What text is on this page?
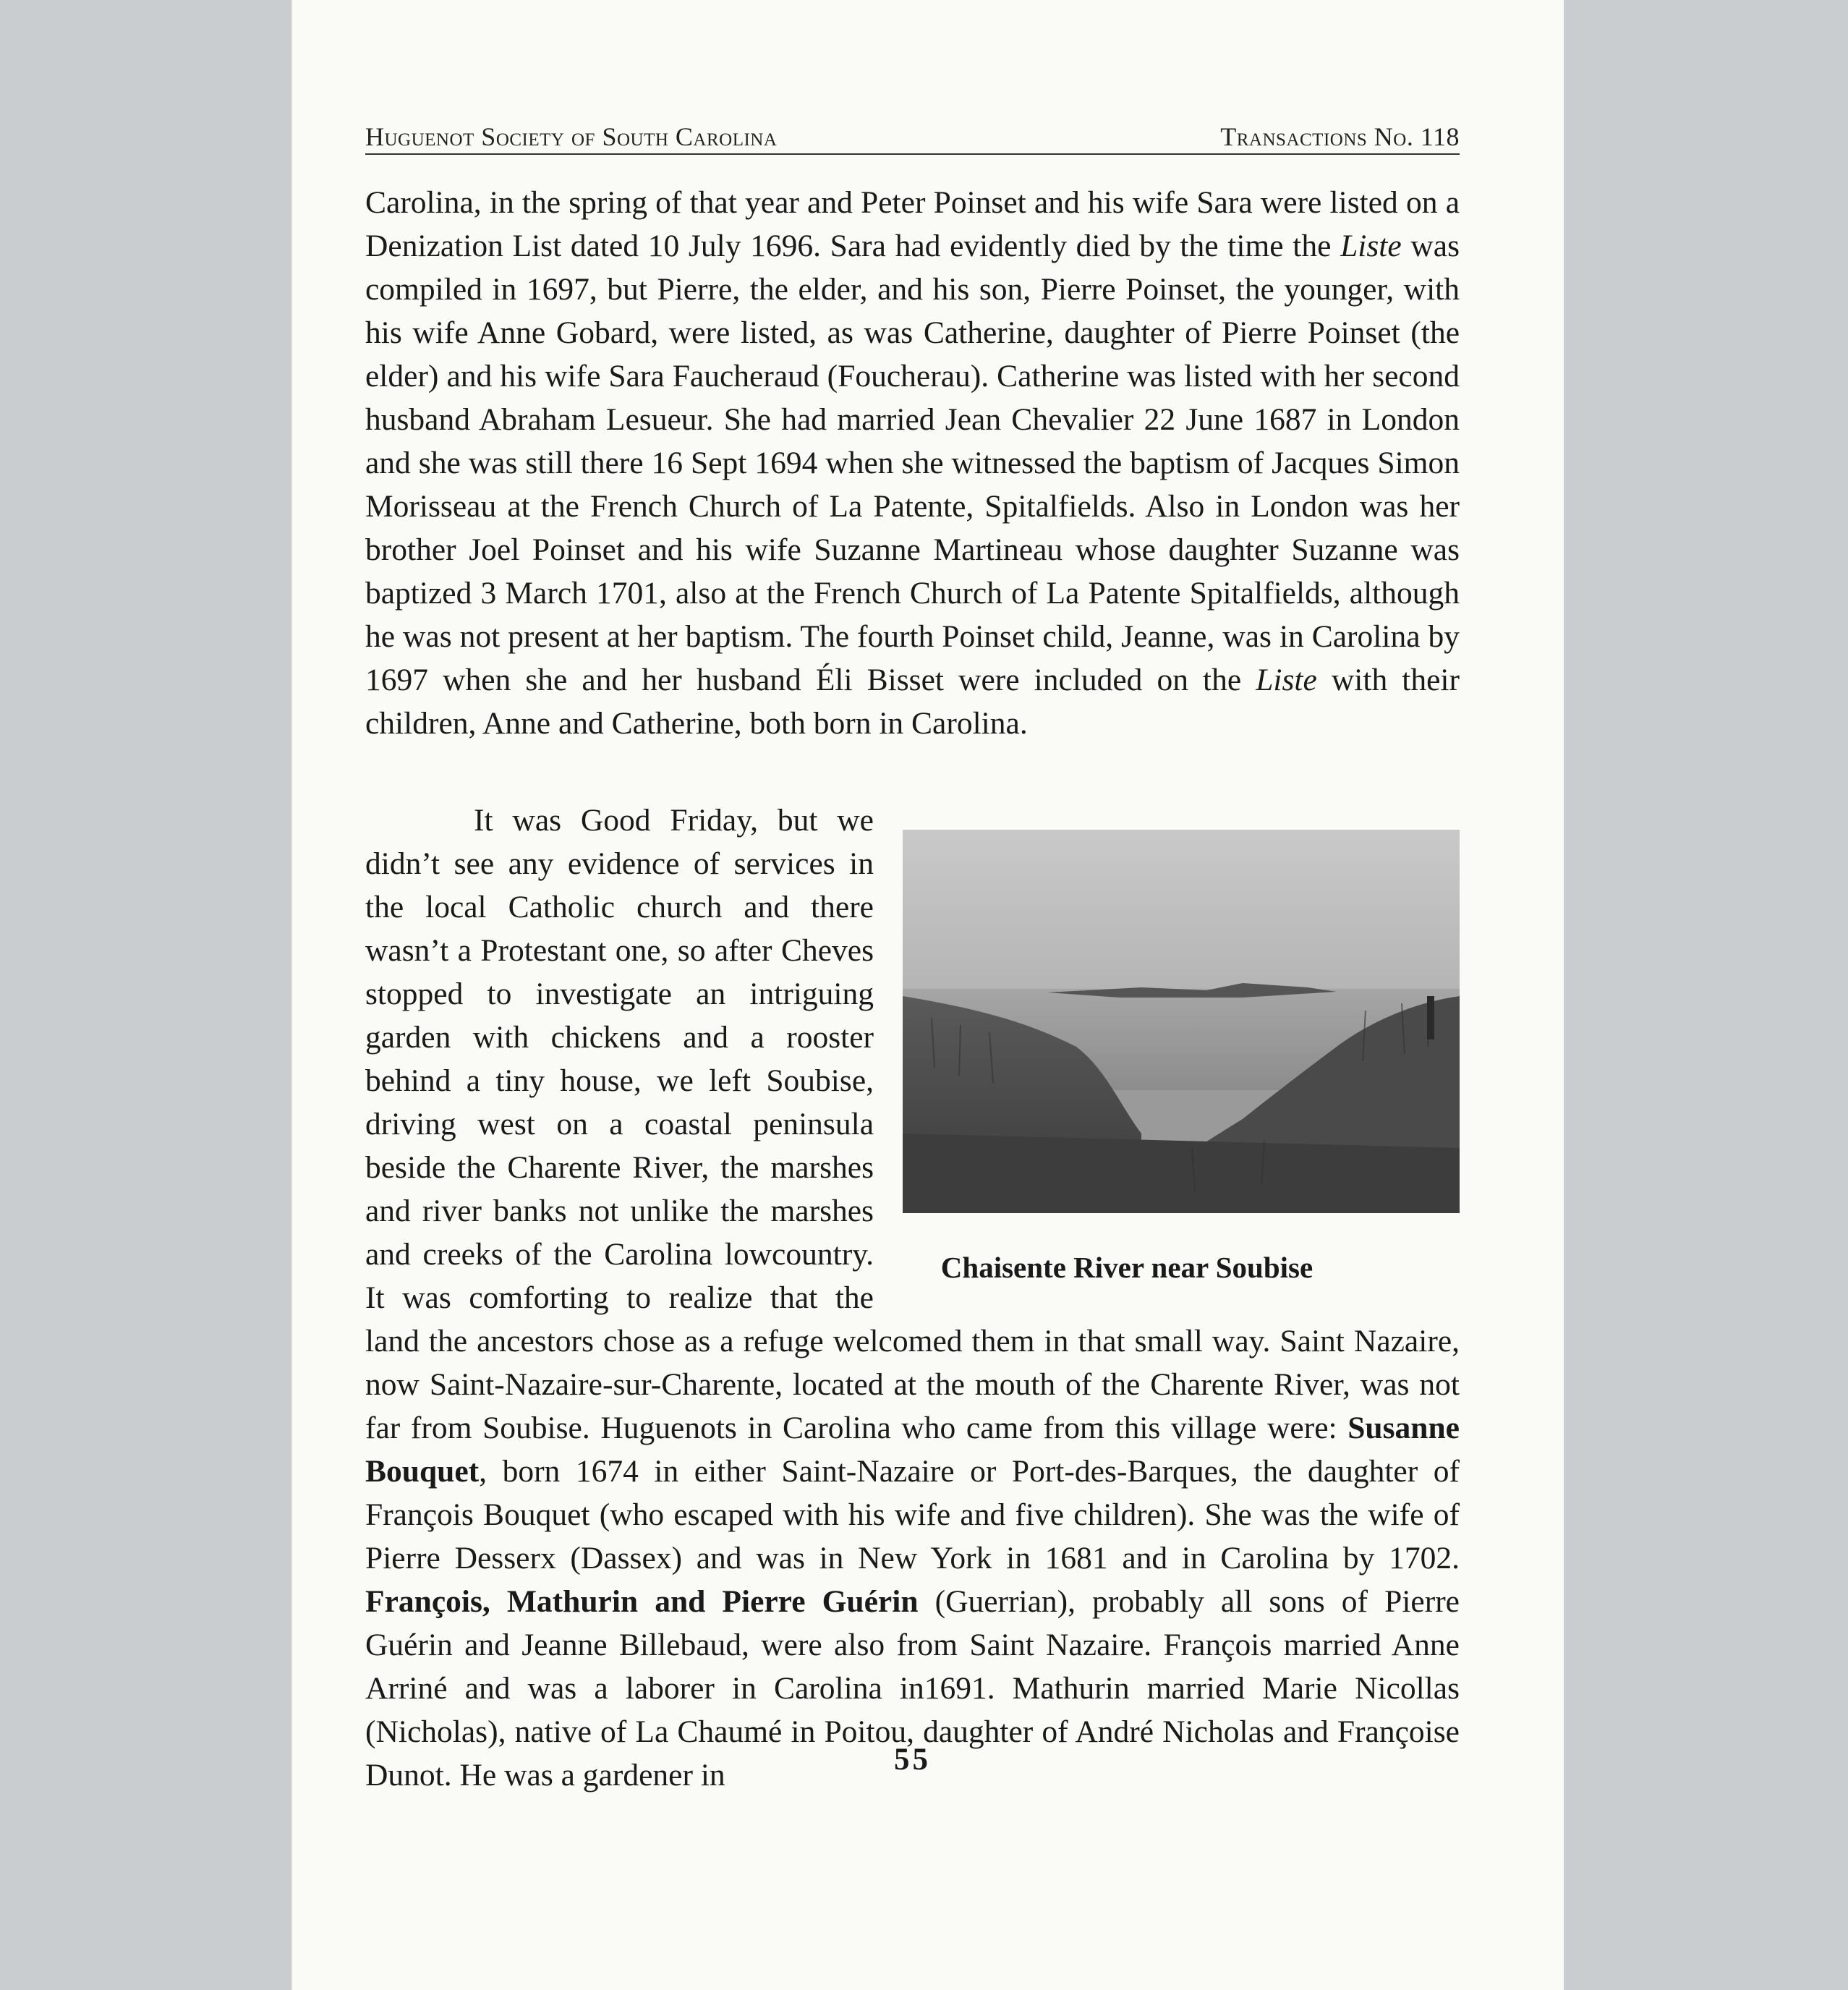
Huguenot Society of South Carolina	Transactions No. 118

Carolina, in the spring of that year and Peter Poinset and his wife Sara were listed on a Denization List dated 10 July 1696. Sara had evidently died by the time the Liste was compiled in 1697, but Pierre, the elder, and his son, Pierre Poinset, the younger, with his wife Anne Gobard, were listed, as was Catherine, daughter of Pierre Poinset (the elder) and his wife Sara Faucheraud (Foucherau). Catherine was listed with her second husband Abraham Lesueur. She had married Jean Chevalier 22 June 1687 in London and she was still there 16 Sept 1694 when she witnessed the baptism of Jacques Simon Morisseau at the French Church of La Patente, Spitalfields. Also in London was her brother Joel Poinset and his wife Suzanne Martineau whose daughter Suzanne was baptized 3 March 1701, also at the French Church of La Patente Spitalfields, although he was not present at her baptism. The fourth Poinset child, Jeanne, was in Carolina by 1697 when she and her husband Éli Bisset were included on the Liste with their children, Anne and Catherine, both born in Carolina.

Chaisente River near Soubise
It was Good Friday, but we didn’t see any evidence of services in the local Catholic church and there wasn’t a Protestant one, so after Cheves stopped to investigate an intriguing garden with chickens and a rooster behind a tiny house, we left Soubise, driving west on a coastal peninsula beside the Charente River, the marshes and river banks not unlike the marshes and creeks of the Carolina lowcountry. It was comforting to realize that the land the ancestors chose as a refuge welcomed them in that small way. Saint Nazaire, now Saint-Nazaire-sur-Charente, located at the mouth of the Charente River, was not far from Soubise. Huguenots in Carolina who came from this village were: Susanne Bouquet, born 1674 in either Saint-Nazaire or Port-des-Barques, the daughter of François Bouquet (who escaped with his wife and five children). She was the wife of Pierre Desserx (Dassex) and was in New York in 1681 and in Carolina by 1702. François, Mathurin and Pierre Guérin (Guerrian), probably all sons of Pierre Guérin and Jeanne Billebaud, were also from Saint Nazaire. François married Anne Arriné and was a laborer in Carolina in1691. Mathurin married Marie Nicollas (Nicholas), native of La Chaumé in Poitou, daughter of André Nicholas and Françoise Dunot. He was a gardener in	55
